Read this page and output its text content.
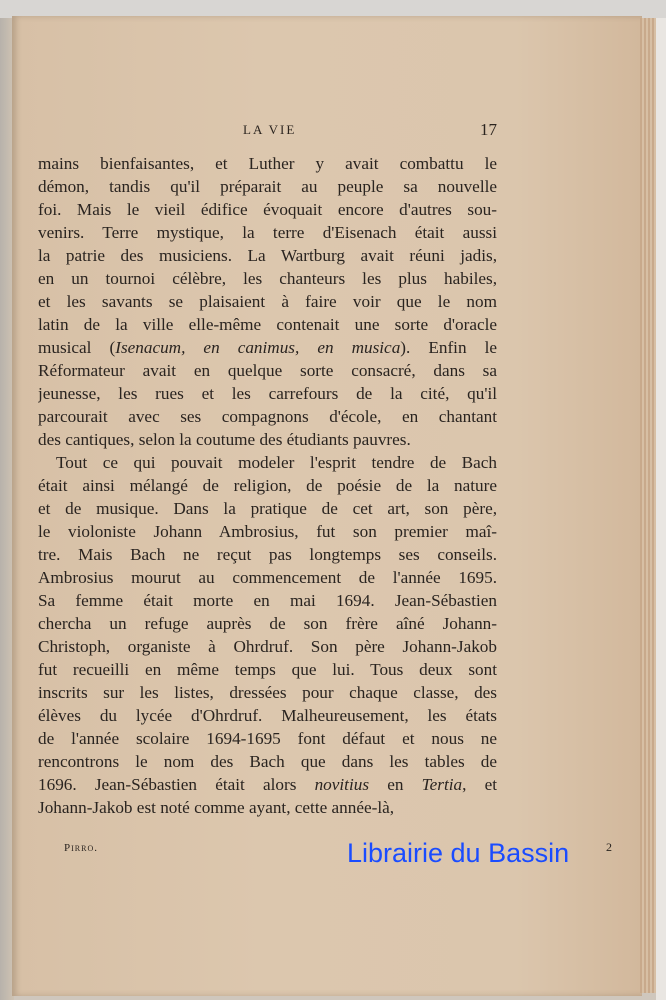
LA VIE	17
mains bienfaisantes, et Luther y avait combattu le
démon, tandis qu'il préparait au peuple sa nouvelle
foi. Mais le vieil édifice évoquait encore d'autres sou-
venirs. Terre mystique, la terre d'Eisenach était aussi
la patrie des musiciens. La Wartburg avait réuni jadis,
en un tournoi célèbre, les chanteurs les plus habiles,
et les savants se plaisaient à faire voir que le nom
latin de la ville elle-même contenait une sorte d'oracle
musical (Isenacum, en canimus, en musica). Enfin le
Réformateur avait en quelque sorte consacré, dans sa
jeunesse, les rues et les carrefours de la cité, qu'il
parcourait avec ses compagnons d'école, en chantant
des cantiques, selon la coutume des étudiants pauvres.
Tout ce qui pouvait modeler l'esprit tendre de Bach
était ainsi mélangé de religion, de poésie de la nature
et de musique. Dans la pratique de cet art, son père,
le violoniste Johann Ambrosius, fut son premier maî-
tre. Mais Bach ne reçut pas longtemps ses conseils.
Ambrosius mourut au commencement de l'année 1695.
Sa femme était morte en mai 1694. Jean-Sébastien
chercha un refuge auprès de son frère aîné Johann-
Christoph, organiste à Ohrdruf. Son père Johann-Jakob
fut recueilli en même temps que lui. Tous deux sont
inscrits sur les listes, dressées pour chaque classe, des
élèves du lycée d'Ohrdruf. Malheureusement, les états
de l'année scolaire 1694-1695 font défaut et nous ne
rencontrons le nom des Bach que dans les tables de
1696. Jean-Sébastien était alors novitius en Tertia, et
Johann-Jakob est noté comme ayant, cette année-là,
Pirro.	Librairie du Bassin	2
